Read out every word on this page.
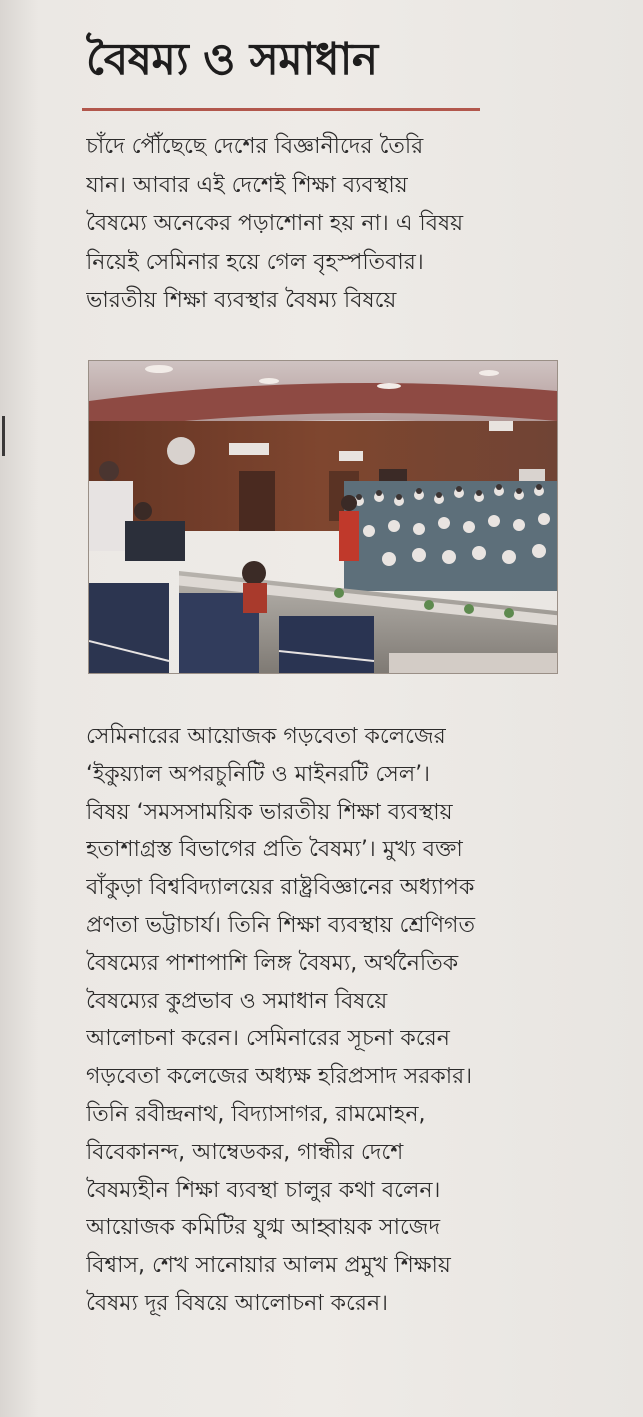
বৈষম্য ও সমাধান
চাঁদে পৌঁছেছে দেশের বিজ্ঞানীদের তৈরি
যান। আবার এই দেশেই শিক্ষা ব্যবস্থায়
বৈষম্যে অনেকের পড়াশোনা হয় না। এ বিষয়
নিয়েই সেমিনার হয়ে গেল বৃহস্পতিবার।
ভারতীয় শিক্ষা ব্যবস্থার বৈষম্য বিষয়ে
সেমিনারের আয়োজক গড়বেতা কলেজের
‘ইকুয়্যাল অপরচুনিটি ও মাইনরটি সেল’।
বিষয় ‘সমসসাময়িক ভারতীয় শিক্ষা ব্যবস্থায়
হতাশাগ্রস্ত বিভাগের প্রতি বৈষম্য’। মুখ্য বক্তা
বাঁকুড়া বিশ্ববিদ্যালয়ের রাষ্ট্রবিজ্ঞানের অধ্যাপক
প্রণতা ভট্টাচার্য। তিনি শিক্ষা ব্যবস্থায় শ্রেণিগত
বৈষম্যের পাশাপাশি লিঙ্গ বৈষম্য, অর্থনৈতিক
বৈষম্যের কুপ্রভাব ও সমাধান বিষয়ে
আলোচনা করেন। সেমিনারের সূচনা করেন
গড়বেতা কলেজের অধ্যক্ষ হরিপ্রসাদ সরকার।
তিনি রবীন্দ্রনাথ, বিদ্যাসাগর, রামমোহন,
বিবেকানন্দ, আম্বেডকর, গান্ধীর দেশে
বৈষম্যহীন শিক্ষা ব্যবস্থা চালুর কথা বলেন।
আয়োজক কমিটির যুগ্ম আহ্বায়ক সাজেদ
বিশ্বাস, শেখ সানোয়ার আলম প্রমুখ শিক্ষায়
বৈষম্য দূর বিষয়ে আলোচনা করেন।
